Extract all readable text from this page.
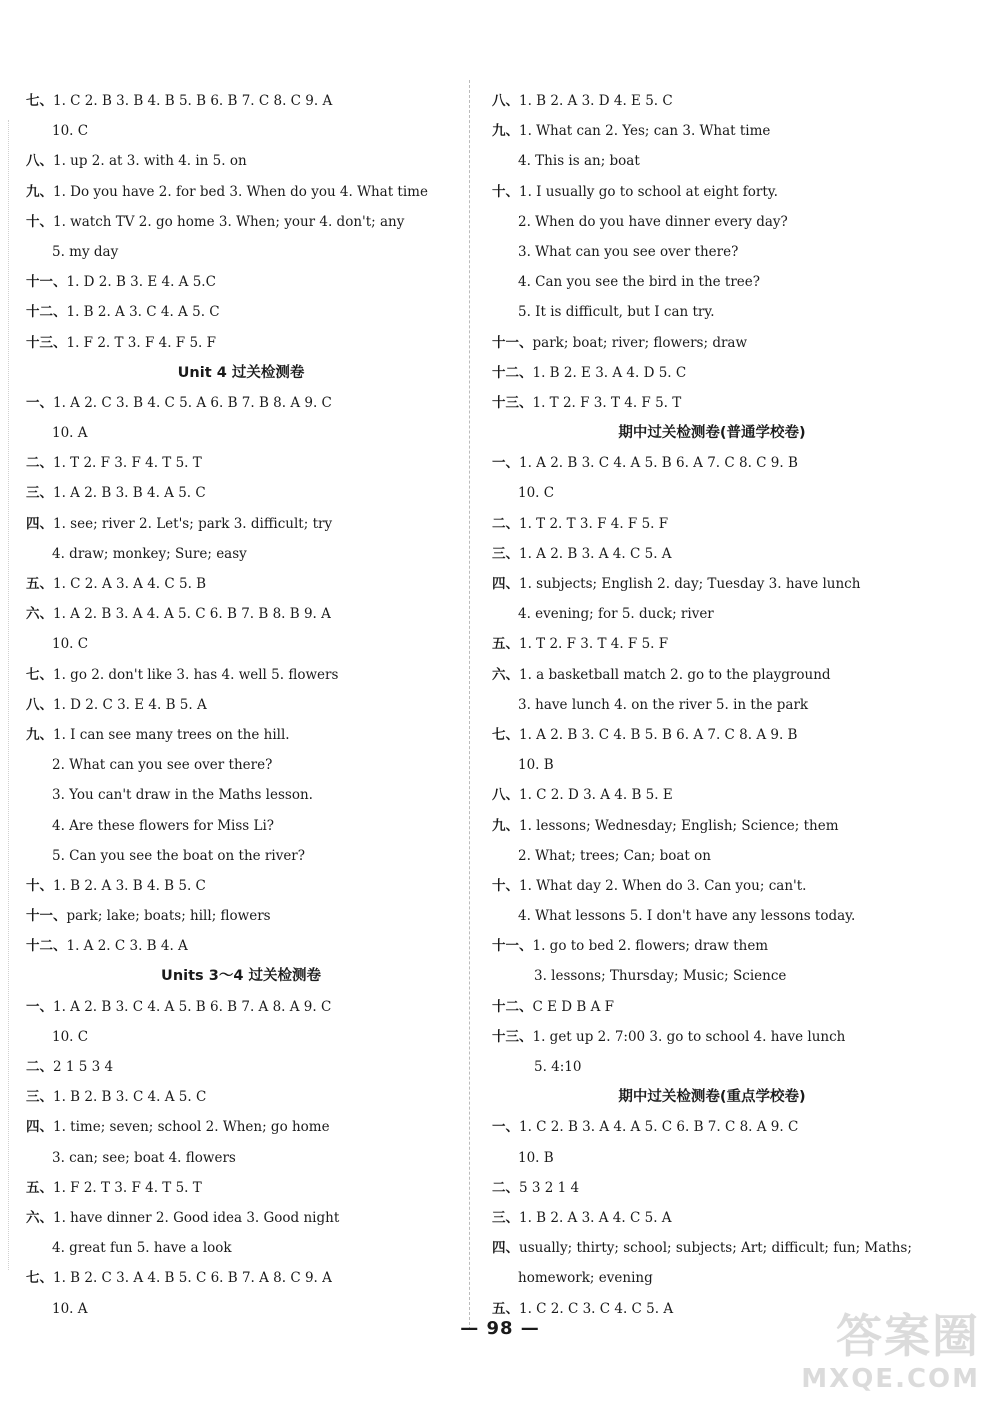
七、1. C 2. B 3. B 4. B 5. B 6. B 7. C 8. C 9. A
10. C
八、1. up 2. at 3. with 4. in 5. on
九、1. Do you have 2. for bed 3. When do you 4. What time
十、1. watch TV 2. go home 3. When; your 4. don't; any
5. my day
十一、1. D 2. B 3. E 4. A 5.C
十二、1. B 2. A 3. C 4. A 5. C
十三、1. F 2. T 3. F 4. F 5. F
Unit 4 过关检测卷
一、1. A 2. C 3. B 4. C 5. A 6. B 7. B 8. A 9. C
10. A
二、1. T 2. F 3. F 4. T 5. T
三、1. A 2. B 3. B 4. A 5. C
四、1. see; river 2. Let's; park 3. difficult; try
4. draw; monkey; Sure; easy
五、1. C 2. A 3. A 4. C 5. B
六、1. A 2. B 3. A 4. A 5. C 6. B 7. B 8. B 9. A
10. C
七、1. go 2. don't like 3. has 4. well 5. flowers
八、1. D 2. C 3. E 4. B 5. A
九、1. I can see many trees on the hill.
2. What can you see over there?
3. You can't draw in the Maths lesson.
4. Are these flowers for Miss Li?
5. Can you see the boat on the river?
十、1. B 2. A 3. B 4. B 5. C
十一、park; lake; boats; hill; flowers
十二、1. A 2. C 3. B 4. A
Units 3～4 过关检测卷
一、1. A 2. B 3. C 4. A 5. B 6. B 7. A 8. A 9. C
10. C
二、2 1 5 3 4
三、1. B 2. B 3. C 4. A 5. C
四、1. time; seven; school 2. When; go home
3. can; see; boat 4. flowers
五、1. F 2. T 3. F 4. T 5. T
六、1. have dinner 2. Good idea 3. Good night
4. great fun 5. have a look
七、1. B 2. C 3. A 4. B 5. C 6. B 7. A 8. C 9. A
10. A
八、1. B 2. A 3. D 4. E 5. C
九、1. What can 2. Yes; can 3. What time
4. This is an; boat
十、1. I usually go to school at eight forty.
2. When do you have dinner every day?
3. What can you see over there?
4. Can you see the bird in the tree?
5. It is difficult, but I can try.
十一、park; boat; river; flowers; draw
十二、1. B 2. E 3. A 4. D 5. C
十三、1. T 2. F 3. T 4. F 5. T
期中过关检测卷(普通学校卷)
一、1. A 2. B 3. C 4. A 5. B 6. A 7. C 8. C 9. B
10. C
二、1. T 2. T 3. F 4. F 5. F
三、1. A 2. B 3. A 4. C 5. A
四、1. subjects; English 2. day; Tuesday 3. have lunch
4. evening; for 5. duck; river
五、1. T 2. F 3. T 4. F 5. F
六、1. a basketball match 2. go to the playground
3. have lunch 4. on the river 5. in the park
七、1. A 2. B 3. C 4. B 5. B 6. A 7. C 8. A 9. B
10. B
八、1. C 2. D 3. A 4. B 5. E
九、1. lessons; Wednesday; English; Science; them
2. What; trees; Can; boat on
十、1. What day 2. When do 3. Can you; can't.
4. What lessons 5. I don't have any lessons today.
十一、1. go to bed 2. flowers; draw them
3. lessons; Thursday; Music; Science
十二、C E D B A F
十三、1. get up 2. 7:00 3. go to school 4. have lunch
5. 4:10
期中过关检测卷(重点学校卷)
一、1. C 2. B 3. A 4. A 5. C 6. B 7. C 8. A 9. C
10. B
二、5 3 2 1 4
三、1. B 2. A 3. A 4. C 5. A
四、usually; thirty; school; subjects; Art; difficult; fun; Maths;
homework; evening
五、1. C 2. C 3. C 4. C 5. A
— 98 —	答案圈
MXQE.COM
